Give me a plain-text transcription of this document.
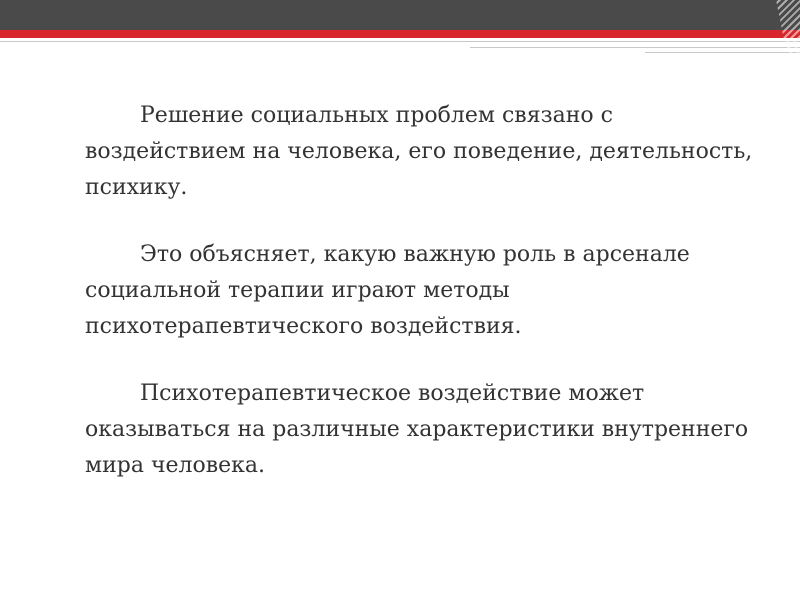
Решение социальных проблем связано с воздействием на человека, его поведение, деятельность, психику.

Это объясняет, какую важную роль в арсенале социальной терапии играют методы психотерапевтического воздействия.

Психотерапевтическое воздействие может оказываться на различные характеристики внутреннего мира человека.
